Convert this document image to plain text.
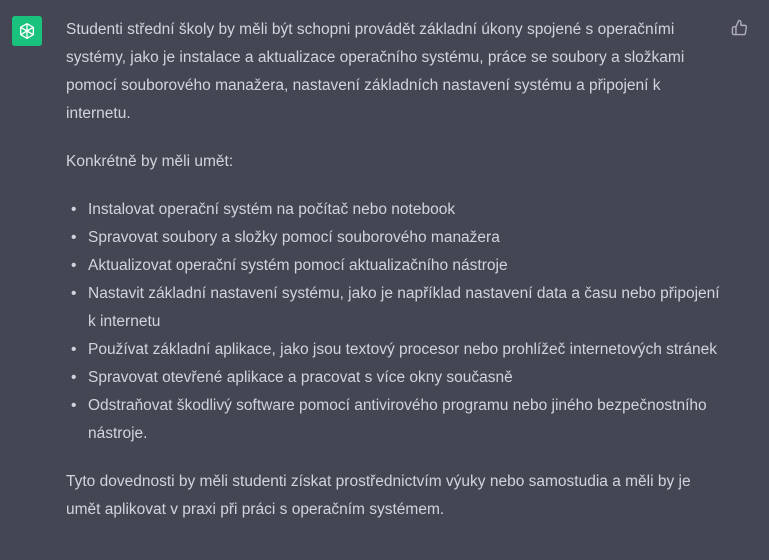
Studenti střední školy by měli být schopni provádět základní úkony spojené s operačními systémy, jako je instalace a aktualizace operačního systému, práce se soubory a složkami pomocí souborového manažera, nastavení základních nastavení systému a připojení k internetu.

Konkrétně by měli umět:

• Instalovat operační systém na počítač nebo notebook
• Spravovat soubory a složky pomocí souborového manažera
• Aktualizovat operační systém pomocí aktualizačního nástroje
• Nastavit základní nastavení systému, jako je například nastavení data a času nebo připojení k internetu
• Používat základní aplikace, jako jsou textový procesor nebo prohlížeč internetových stránek
• Spravovat otevřené aplikace a pracovat s více okny současně
• Odstraňovat škodlivý software pomocí antivirového programu nebo jiného bezpečnostního nástroje.

Tyto dovednosti by měli studenti získat prostřednictvím výuky nebo samostudia a měli by je umět aplikovat v praxi při práci s operačním systémem.
